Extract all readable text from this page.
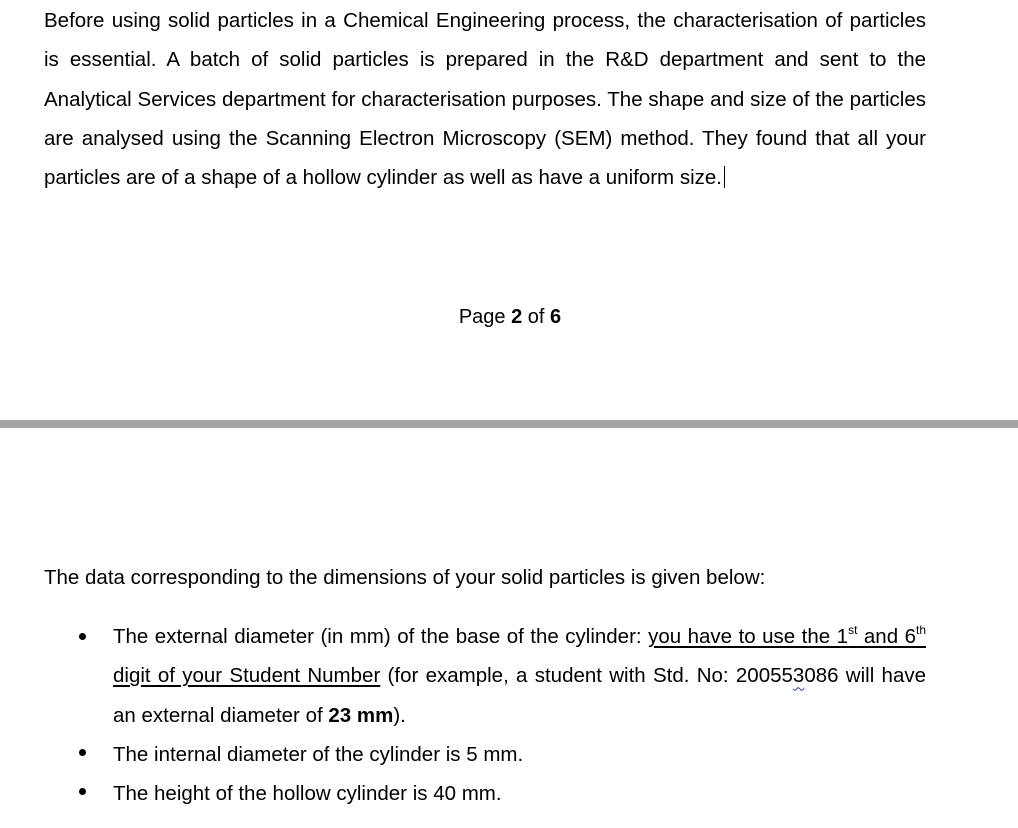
Before using solid particles in a Chemical Engineering process, the characterisation of particles is essential. A batch of solid particles is prepared in the R&D department and sent to the Analytical Services department for characterisation purposes. The shape and size of the particles are analysed using the Scanning Electron Microscopy (SEM) method. They found that all your particles are of a shape of a hollow cylinder as well as have a uniform size.

Page 2 of 6

The data corresponding to the dimensions of your solid particles is given below:

The external diameter (in mm) of the base of the cylinder: you have to use the 1st and 6th digit of your Student Number (for example, a student with Std. No: 200553086 will have an external diameter of 23 mm).
The internal diameter of the cylinder is 5 mm.
The height of the hollow cylinder is 40 mm.
